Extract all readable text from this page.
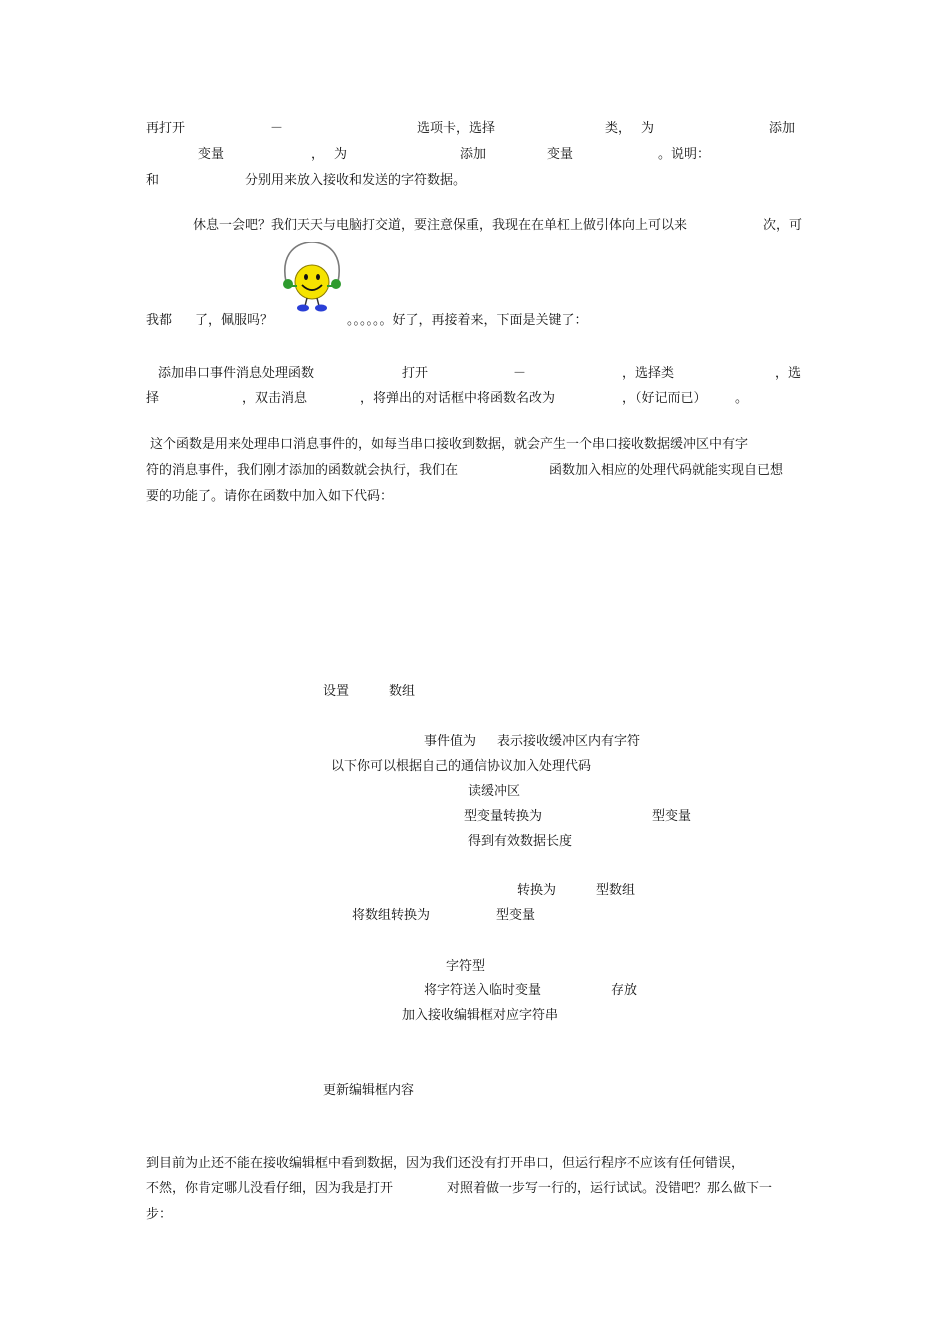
再打开	－	选项卡，选择	类， 为	添加
变量	， 为	添加	变量	。说明：
和	分别用来放入接收和发送的字符数据。
休息一会吧？我们天天与电脑打交道，要注意保重，我现在在单杠上做引体向上可以来	次，可
我都 了，佩服吗？	。。。。。。好了，再接着来，下面是关键了：
添加串口事件消息处理函数	打开	－	，选择类	，选
择	，双击消息	，将弹出的对话框中将函数名改为	，（好记而已） 。
这个函数是用来处理串口消息事件的，如每当串口接收到数据，就会产生一个串口接收数据缓冲区中有字
符的消息事件，我们刚才添加的函数就会执行，我们在	函数加入相应的处理代码就能实现自已想
要的功能了。请你在函数中加入如下代码：
设置	数组
事件值为 表示接收缓冲区内有字符
以下你可以根据自己的通信协议加入处理代码
读缓冲区
型变量转换为	型变量
得到有效数据长度
转换为	型数组
将数组转换为	型变量
字符型
将字符送入临时变量	存放
加入接收编辑框对应字符串
更新编辑框内容
到目前为止还不能在接收编辑框中看到数据，因为我们还没有打开串口，但运行程序不应该有任何错误，
不然，你肯定哪儿没看仔细，因为我是打开	对照着做一步写一行的，运行试试。没错吧？那么做下一
步：
